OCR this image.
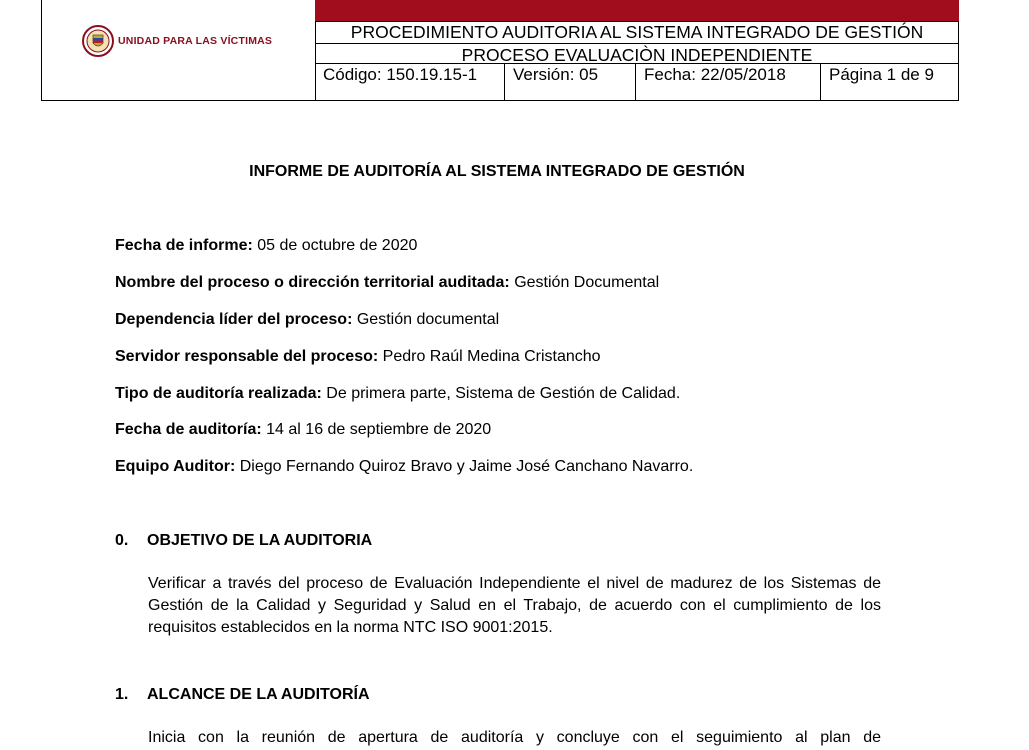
UNIDAD PARA LAS VÍCTIMAS	PROCEDIMIENTO AUDITORIA AL SISTEMA INTEGRADO DE GESTIÓN
PROCESO EVALUACIÒN INDEPENDIENTE
Código: 150.19.15-1	Versión: 05	Fecha: 22/05/2018	Página 1 de 9
INFORME DE AUDITORÍA AL SISTEMA INTEGRADO DE GESTIÓN
Fecha de informe: 05 de octubre de 2020
Nombre del proceso o dirección territorial auditada: Gestión Documental
Dependencia líder del proceso: Gestión documental
Servidor responsable del proceso: Pedro Raúl Medina Cristancho
Tipo de auditoría realizada: De primera parte, Sistema de Gestión de Calidad.
Fecha de auditoría: 14 al 16 de septiembre de 2020
Equipo Auditor: Diego Fernando Quiroz Bravo y Jaime José Canchano Navarro.
0. OBJETIVO DE LA AUDITORIA
Verificar a través del proceso de Evaluación Independiente el nivel de madurez de los Sistemas de Gestión de la Calidad y Seguridad y Salud en el Trabajo, de acuerdo con el cumplimiento de los requisitos establecidos en la norma NTC ISO 9001:2015.
1. ALCANCE DE LA AUDITORÍA
Inicia con la reunión de apertura de auditoría y concluye con el seguimiento al plan de
